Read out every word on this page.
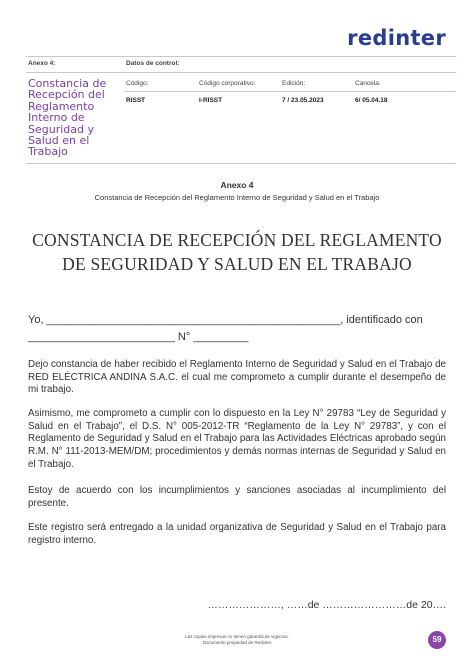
redinter
Anexo 4:	Datos de control:
Constancia de Recepción del Reglamento Interno de Seguridad y Salud en el Trabajo
Código:	Código corporativo:	Edición:	Cancela:
RISST	I-RISST	7 / 23.05.2023	6/ 05.04.18
Anexo 4
Constancia de Recepción del Reglamento Interno de Seguridad y Salud en el Trabajo
CONSTANCIA DE RECEPCIÓN DEL REGLAMENTO DE SEGURIDAD Y SALUD EN EL TRABAJO
Yo, ________________________________________________, identificado con
________________________ N° _________
Dejo constancia de haber recibido el Reglamento Interno de Seguridad y Salud en el Trabajo de RED ELÉCTRICA ANDINA S.A.C. el cual me comprometo a cumplir durante el desempeño de mi trabajo.
Asimismo, me comprometo a cumplir con lo dispuesto en la Ley N° 29783 “Ley de Seguridad y Salud en el Trabajo”, el D.S. N° 005-2012-TR “Reglamento de la Ley N° 29783”, y con el Reglamento de Seguridad y Salud en el Trabajo para las Actividades Eléctricas aprobado según R.M. N° 111-2013-MEM/DM; procedimientos y demás normas internas de Seguridad y Salud en el Trabajo.
Estoy de acuerdo con los incumplimientos y sanciones asociadas al incumplimiento del presente.
Este registro será entregado a la unidad organizativa de Seguridad y Salud en el Trabajo para registro interno.
…………………, ……de ……………………de 20….
Las copias impresas no tienen garantía de vigencia.
Documento propiedad de Redinter	59
